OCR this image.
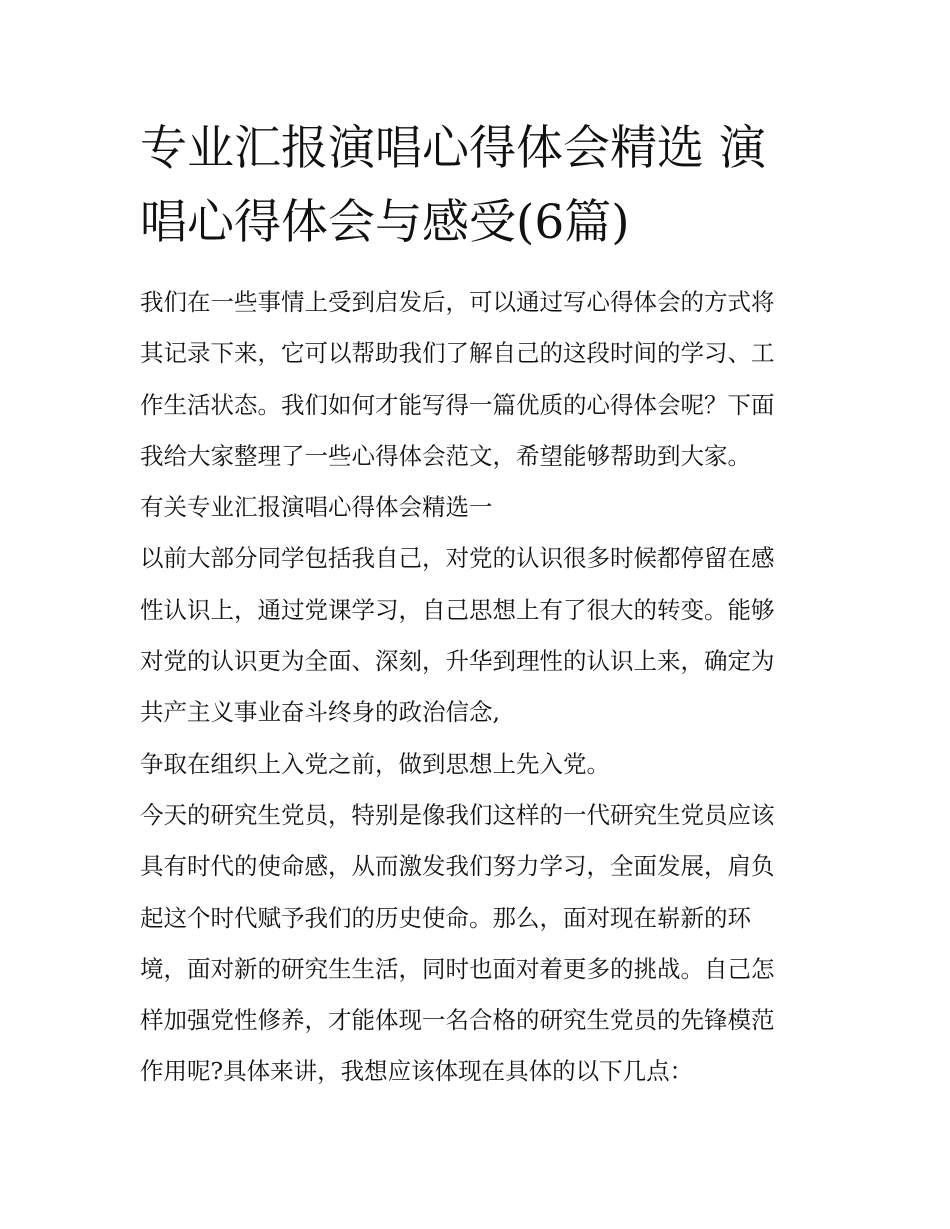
专业汇报演唱心得体会精选 演
唱心得体会与感受(6篇)
我们在一些事情上受到启发后，可以通过写心得体会的方式将
其记录下来，它可以帮助我们了解自己的这段时间的学习、工
作生活状态。我们如何才能写得一篇优质的心得体会呢？下面
我给大家整理了一些心得体会范文，希望能够帮助到大家。
有关专业汇报演唱心得体会精选一
以前大部分同学包括我自己，对党的认识很多时候都停留在感
性认识上，通过党课学习，自己思想上有了很大的转变。能够
对党的认识更为全面、深刻，升华到理性的认识上来，确定为
共产主义事业奋斗终身的政治信念,
争取在组织上入党之前，做到思想上先入党。
今天的研究生党员，特别是像我们这样的一代研究生党员应该
具有时代的使命感，从而激发我们努力学习，全面发展，肩负
起这个时代赋予我们的历史使命。那么，面对现在崭新的环
境，面对新的研究生生活，同时也面对着更多的挑战。自己怎
样加强党性修养，才能体现一名合格的研究生党员的先锋模范
作用呢?具体来讲，我想应该体现在具体的以下几点：
